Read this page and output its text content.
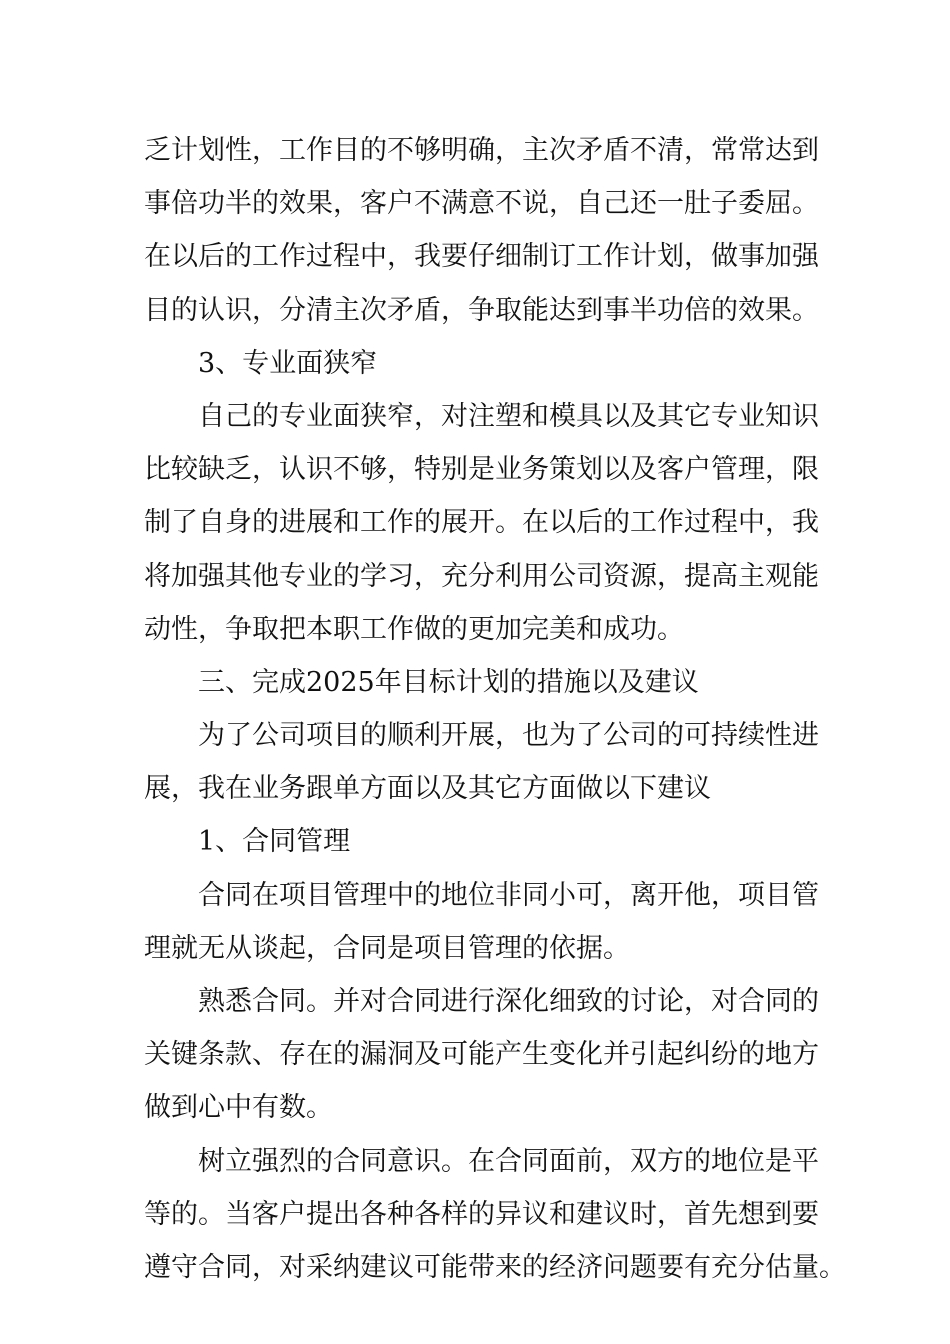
乏计划性，工作目的不够明确，主次矛盾不清，常常达到
事倍功半的效果，客户不满意不说，自己还一肚子委屈。
在以后的工作过程中，我要仔细制订工作计划，做事加强
目的认识，分清主次矛盾，争取能达到事半功倍的效果。
3、专业面狭窄
自己的专业面狭窄，对注塑和模具以及其它专业知识
比较缺乏，认识不够，特别是业务策划以及客户管理，限
制了自身的进展和工作的展开。在以后的工作过程中，我
将加强其他专业的学习，充分利用公司资源，提高主观能
动性，争取把本职工作做的更加完美和成功。
三、完成2025年目标计划的措施以及建议
为了公司项目的顺利开展，也为了公司的可持续性进
展，我在业务跟单方面以及其它方面做以下建议
1、合同管理
合同在项目管理中的地位非同小可，离开他，项目管
理就无从谈起，合同是项目管理的依据。
熟悉合同。并对合同进行深化细致的讨论，对合同的
关键条款、存在的漏洞及可能产生变化并引起纠纷的地方
做到心中有数。
树立强烈的合同意识。在合同面前，双方的地位是平
等的。当客户提出各种各样的异议和建议时，首先想到要
遵守合同，对采纳建议可能带来的经济问题要有充分估量。
